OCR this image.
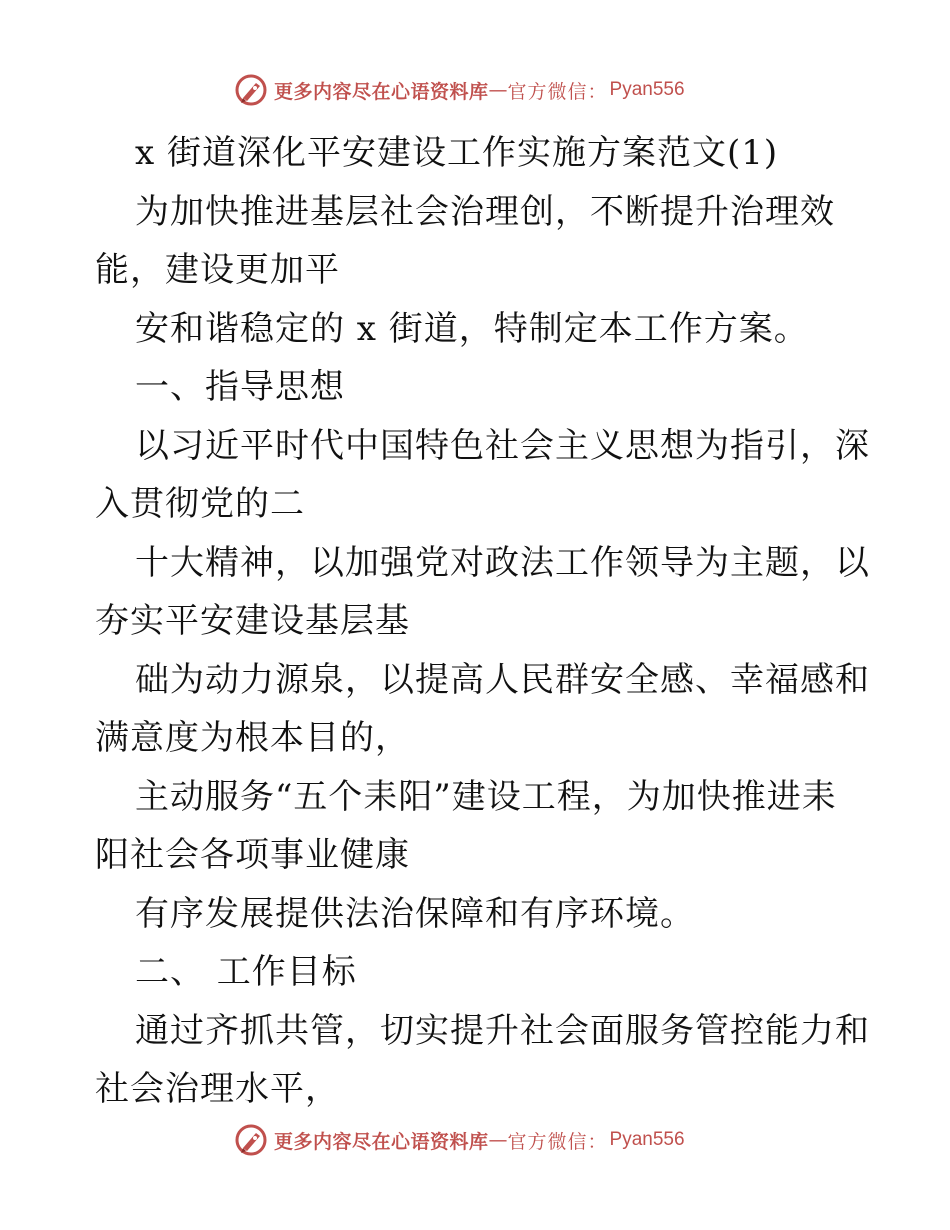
更多内容尽在心语资料库 — 官方微信： Pyan556
x 街道深化平安建设工作实施方案范文(1)
为加快推进基层社会治理创，不断提升治理效
能，建设更加平
安和谐稳定的 x 街道，特制定本工作方案。
一、指导思想
以习近平时代中国特色社会主义思想为指引，深
入贯彻党的二
十大精神，以加强党对政法工作领导为主题，以
夯实平安建设基层基
础为动力源泉，以提高人民群安全感、幸福感和
满意度为根本目的，
主动服务“五个耒阳”建设工程，为加快推进耒
阳社会各项事业健康
有序发展提供法治保障和有序环境。
二、 工作目标
通过齐抓共管，切实提升社会面服务管控能力和
社会治理水平，
更多内容尽在心语资料库 — 官方微信： Pyan556
